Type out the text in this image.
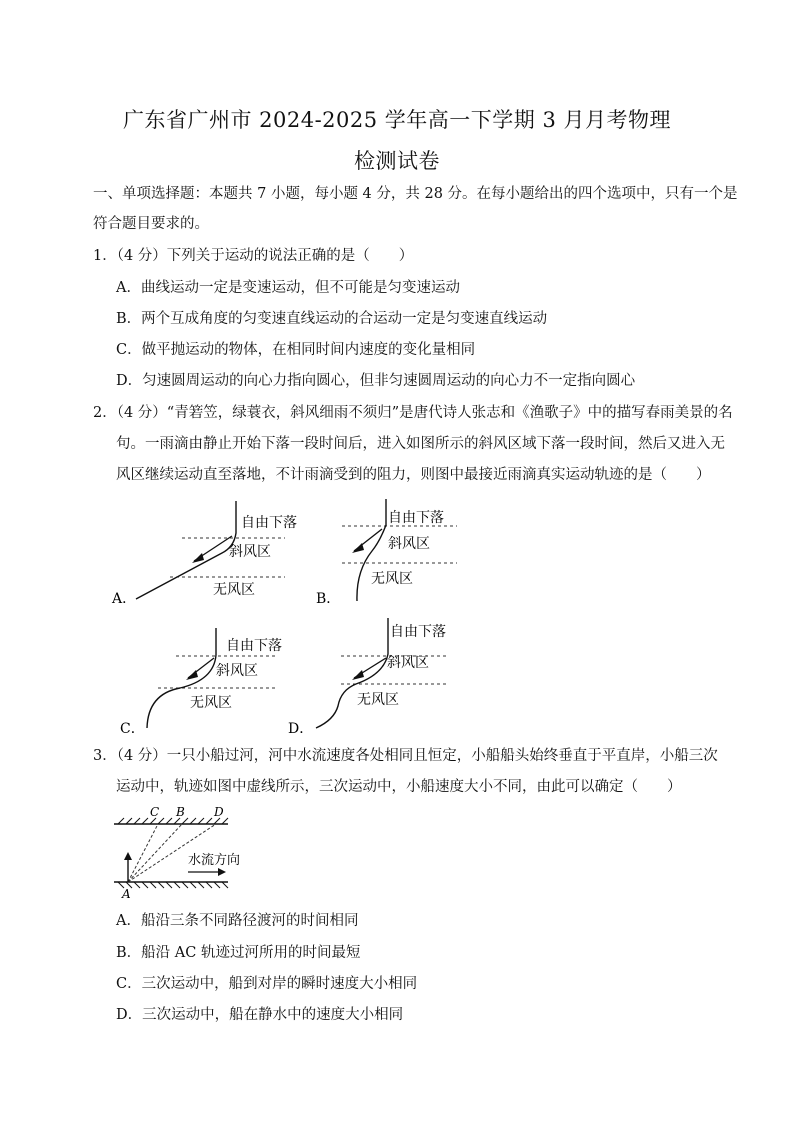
广东省广州市 2024-2025 学年高一下学期 3 月月考物理
检测试卷
一、单项选择题：本题共 7 小题，每小题 4 分，共 28 分。在每小题给出的四个选项中，只有一个是
符合题目要求的。
1．（4 分）下列关于运动的说法正确的是（　　）
A．曲线运动一定是变速运动，但不可能是匀变速运动
B．两个互成角度的匀变速直线运动的合运动一定是匀变速直线运动
C．做平抛运动的物体，在相同时间内速度的变化量相同
D．匀速圆周运动的向心力指向圆心，但非匀速圆周运动的向心力不一定指向圆心
2．（4 分）“青箬笠，绿蓑衣，斜风细雨不须归”是唐代诗人张志和《渔歌子》中的描写春雨美景的名
句。一雨滴由静止开始下落一段时间后，进入如图所示的斜风区域下落一段时间，然后又进入无
风区继续运动直至落地，不计雨滴受到的阻力，则图中最接近雨滴真实运动轨迹的是（　　）
自由下落
斜风区
无风区
A．
自由下落
斜风区
无风区
B．
自由下落
斜风区
无风区
C．
自由下落
斜风区
无风区
D．
3．（4 分）一只小船过河，河中水流速度各处相同且恒定，小船船头始终垂直于平直岸，小船三次
运动中，轨迹如图中虚线所示，三次运动中，小船速度大小不同，由此可以确定（　　）
C B D
A
水流方向
A．船沿三条不同路径渡河的时间相同
B．船沿 AC 轨迹过河所用的时间最短
C．三次运动中，船到对岸的瞬时速度大小相同
D．三次运动中，船在静水中的速度大小相同
